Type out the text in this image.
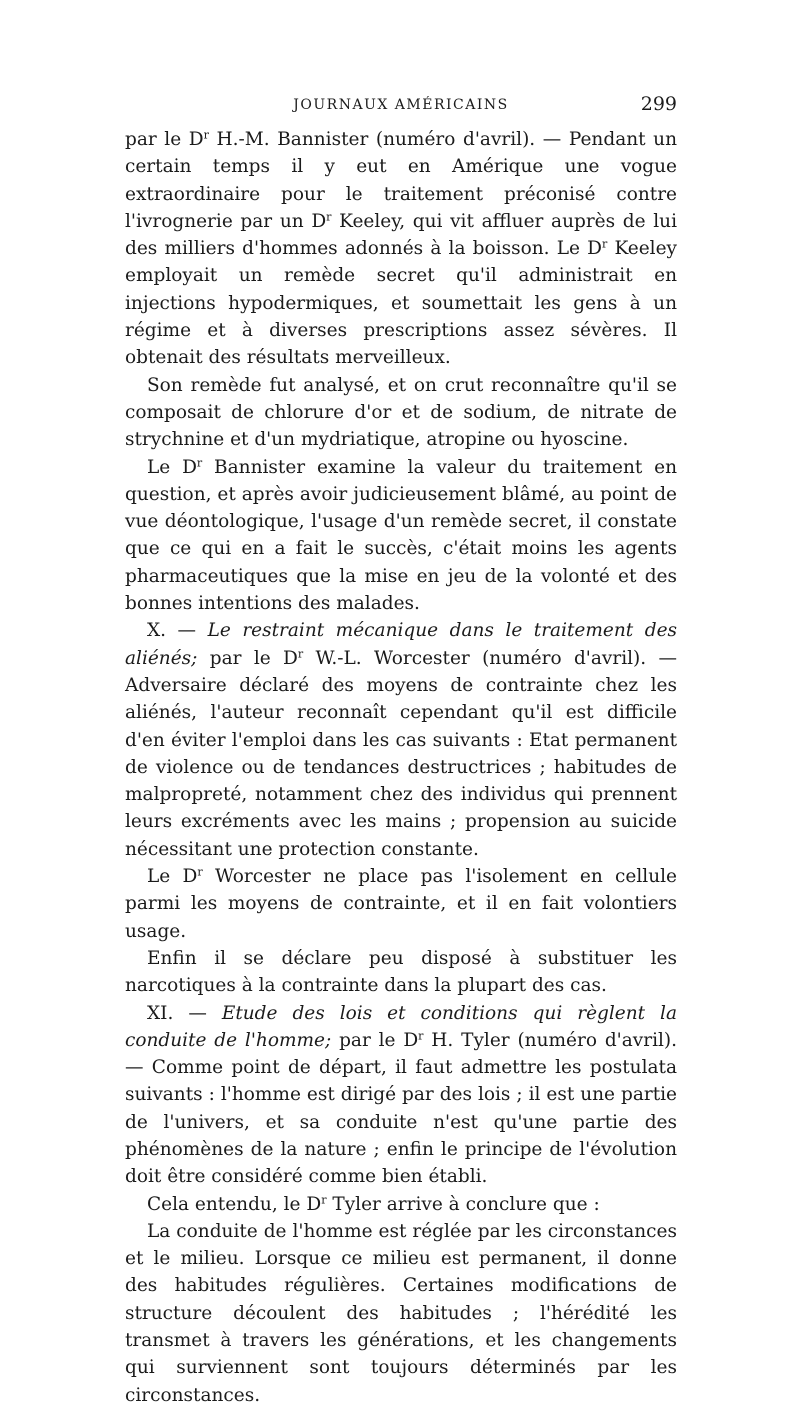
JOURNAUX AMÉRICAINS	299

par le $D^r$ H.-M. Bannister (numéro d'avril). — Pendant un certain temps il y eut en Amérique une vogue extraordinaire pour le traitement préconisé contre l'ivrognerie par un $D^r$ Keeley, qui vit affluer auprès de lui des milliers d'hommes adonnés à la boisson. Le $D^r$ Keeley employait un remède secret qu'il administrait en injections hypodermiques, et soumettait les gens à un régime et à diverses prescriptions assez sévères. Il obtenait des résultats merveilleux.

Son remède fut analysé, et on crut reconnaître qu'il se composait de chlorure d'or et de sodium, de nitrate de strychnine et d'un mydriatique, atropine ou hyoscine.

Le $D^r$ Bannister examine la valeur du traitement en question, et après avoir judicieusement blâmé, au point de vue déontologique, l'usage d'un remède secret, il constate que ce qui en a fait le succès, c'était moins les agents pharmaceutiques que la mise en jeu de la volonté et des bonnes intentions des malades.

X. — Le restraint mécanique dans le traitement des aliénés; par le $D^r$ W.-L. Worcester (numéro d'avril). — Adversaire déclaré des moyens de contrainte chez les aliénés, l'auteur reconnaît cependant qu'il est difficile d'en éviter l'emploi dans les cas suivants : Etat permanent de violence ou de tendances destructrices ; habitudes de malpropreté, notamment chez des individus qui prennent leurs excréments avec les mains ; propension au suicide nécessitant une protection constante.

Le $D^r$ Worcester ne place pas l'isolement en cellule parmi les moyens de contrainte, et il en fait volontiers usage.

Enfin il se déclare peu disposé à substituer les narcotiques à la contrainte dans la plupart des cas.

XI. — Etude des lois et conditions qui règlent la conduite de l'homme; par le $D^r$ H. Tyler (numéro d'avril). — Comme point de départ, il faut admettre les postulata suivants : l'homme est dirigé par des lois ; il est une partie de l'univers, et sa conduite n'est qu'une partie des phénomènes de la nature ; enfin le principe de l'évolution doit être considéré comme bien établi.

Cela entendu, le $D^r$ Tyler arrive à conclure que :

La conduite de l'homme est réglée par les circonstances et le milieu. Lorsque ce milieu est permanent, il donne des habitudes régulières. Certaines modifications de structure découlent des habitudes ; l'hérédité les transmet à travers les générations, et les changements qui surviennent sont toujours déterminés par les circonstances.
